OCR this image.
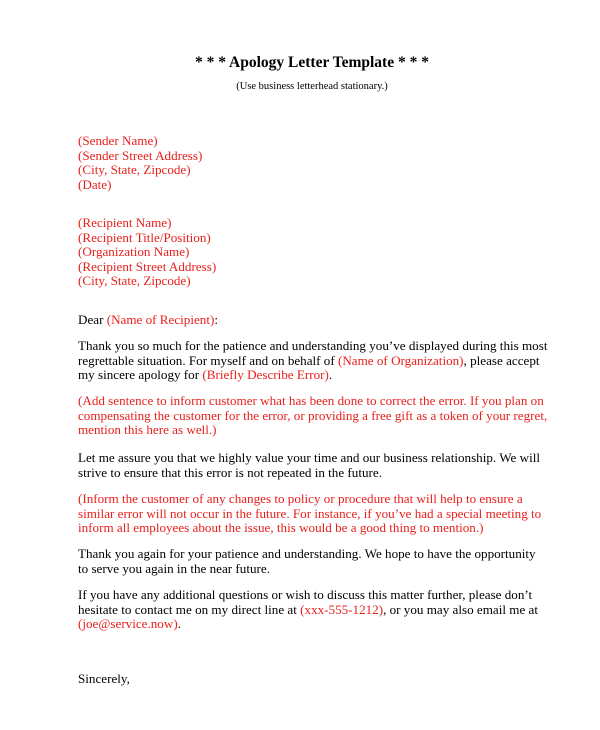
* * * Apology Letter Template * * *
(Use business letterhead stationary.)
(Sender Name)
(Sender Street Address)
(City, State, Zipcode)
(Date)
(Recipient Name)
(Recipient Title/Position)
(Organization Name)
(Recipient Street Address)
(City, State, Zipcode)
Dear (Name of Recipient):
Thank you so much for the patience and understanding you’ve displayed during this most
regrettable situation. For myself and on behalf of (Name of Organization), please accept
my sincere apology for (Briefly Describe Error).
(Add sentence to inform customer what has been done to correct the error. If you plan on
compensating the customer for the error, or providing a free gift as a token of your regret,
mention this here as well.)
Let me assure you that we highly value your time and our business relationship. We will
strive to ensure that this error is not repeated in the future.
(Inform the customer of any changes to policy or procedure that will help to ensure a
similar error will not occur in the future. For instance, if you’ve had a special meeting to
inform all employees about the issue, this would be a good thing to mention.)
Thank you again for your patience and understanding. We hope to have the opportunity
to serve you again in the near future.
If you have any additional questions or wish to discuss this matter further, please don’t
hesitate to contact me on my direct line at (xxx-555-1212), or you may also email me at
(joe@service.now).
Sincerely,
